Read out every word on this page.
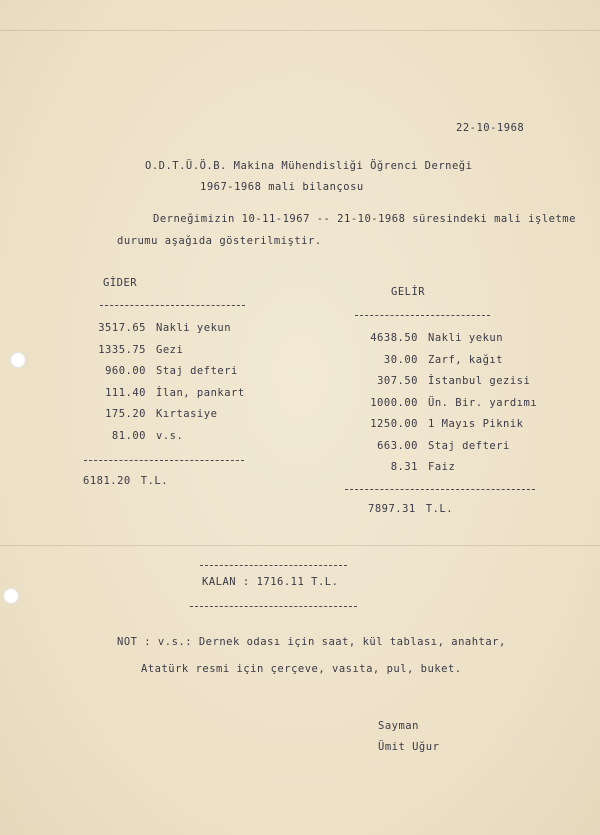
22-10-1968
O.D.T.Ü.Ö.B. Makina Mühendisliği Öğrenci Derneği
1967-1968 mali bilançosu
Derneğimizin 10-11-1967 -- 21-10-1968 süresindeki mali işletme
durumu aşağıda gösterilmiştir.
GİDER
3517.65 Nakli yekun
1335.75 Gezi
960.00 Staj defteri
111.40 İlan, pankart
175.20 Kırtasiye
81.00 v.s.
6181.20 T.L.
GELİR
4638.50 Nakli yekun
30.00 Zarf, kağıt
307.50 İstanbul gezisi
1000.00 Ün. Bir. yardımı
1250.00 1 Mayıs Piknik
663.00 Staj defteri
8.31 Faiz
7897.31 T.L.
KALAN : 1716.11 T.L.
NOT : v.s.: Dernek odası için saat, kül tablası, anahtar,
Atatürk resmi için çerçeve, vasıta, pul, buket.
Sayman
Ümit Uğur
